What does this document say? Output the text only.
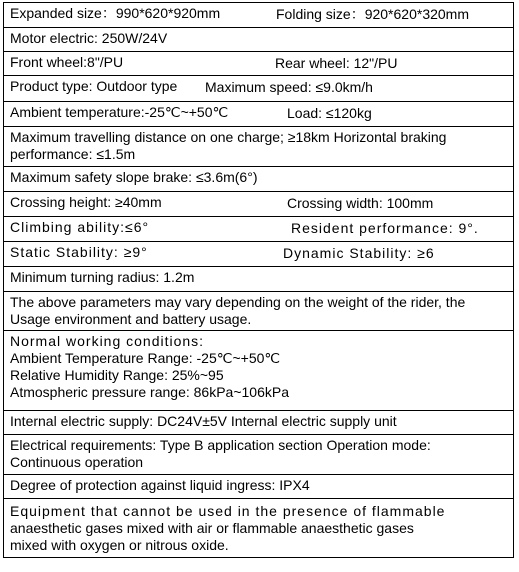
Expanded size：990*620*920mm	Folding size：920*620*320mm
Motor electric: 250W/24V
Front wheel:8"/PU	Rear wheel: 12"/PU
Product type: Outdoor type Maximum speed: ≤9.0km/h
Ambient temperature:-25℃~+50℃	Load: ≤120kg
Maximum travelling distance on one charge; ≥18km Horizontal braking
performance: ≤1.5m
Maximum safety slope brake: ≤3.6m(6°)
Crossing height: ≥40mm	Crossing width: 100mm
Climbing ability:≤6°	Resident performance: 9°.
Static Stability: ≥9°	Dynamic Stability: ≥6
Minimum turning radius: 1.2m
The above parameters may vary depending on the weight of the rider, the
Usage environment and battery usage.
Normal working conditions:
Ambient Temperature Range: -25℃~+50℃
Relative Humidity Range: 25%~95
Atmospheric pressure range: 86kPa~106kPa
Internal electric supply: DC24V±5V Internal electric supply unit
Electrical requirements: Type B application section Operation mode:
Continuous operation
Degree of protection against liquid ingress: IPX4
Equipment that cannot be used in the presence of flammable
anaesthetic gases mixed with air or flammable anaesthetic gases
mixed with oxygen or nitrous oxide.
